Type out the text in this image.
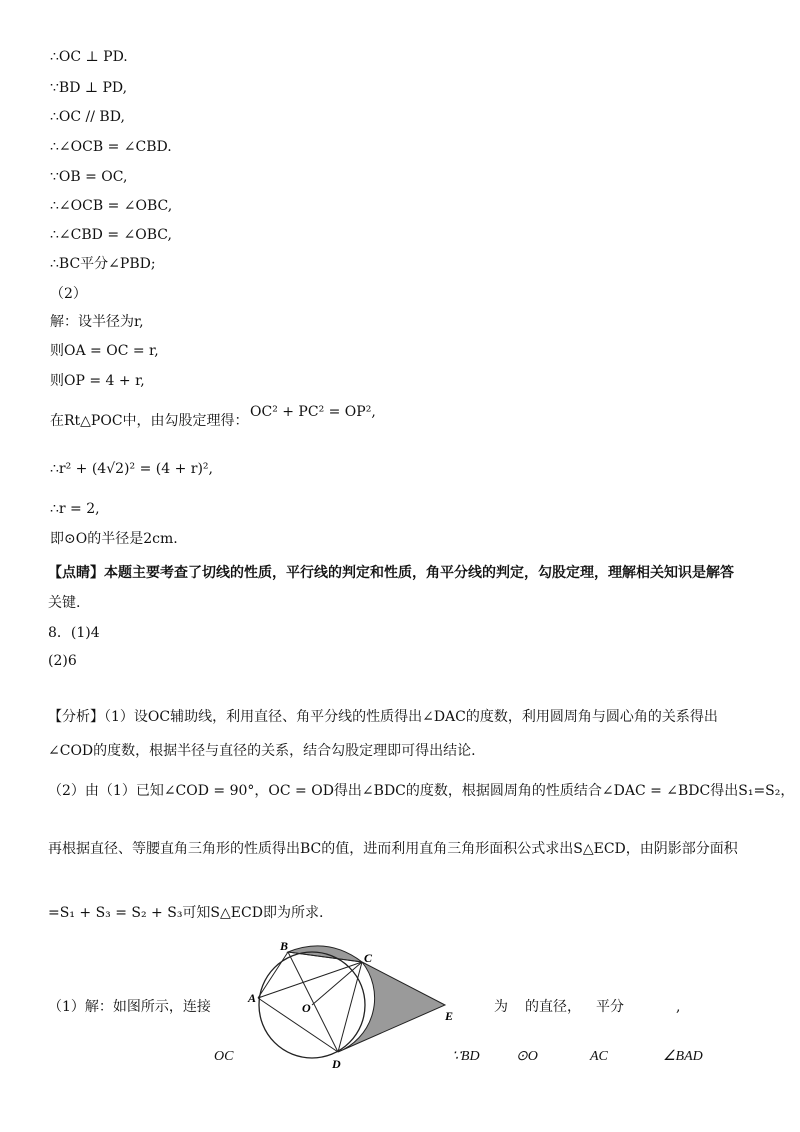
∴OC ⊥ PD.
∵BD ⊥ PD,
∴OC // BD,
∴∠OCB = ∠CBD.
∵OB = OC,
∴∠OCB = ∠OBC,
∴∠CBD = ∠OBC,
∴BC平分∠PBD;
（2）
解：设半径为r,
则OA = OC = r,
则OP = 4 + r,
在Rt△POC中，由勾股定理得：
OC² + PC² = OP²,
∴r² + (4√2)² = (4 + r)²,
∴r = 2,
即⊙O的半径是2cm.
【点睛】本题主要考查了切线的性质，平行线的判定和性质，角平分线的判定，勾股定理，理解相关知识是解答
关键.
8．(1)4
(2)6
【分析】（1）设OC辅助线，利用直径、角平分线的性质得出∠DAC的度数，利用圆周角与圆心角的关系得出
∠COD的度数，根据半径与直径的关系，结合勾股定理即可得出结论.
（2）由（1）已知∠COD = 90°，OC = OD得出∠BDC的度数，根据圆周角的性质结合∠DAC = ∠BDC得出S₁=S₂，
再根据直径、等腰直角三角形的性质得出BC的值，进而利用直角三角形面积公式求出S△ECD，由阴影部分面积
=S₁ + S₃ = S₂ + S₃可知S△ECD即为所求.
（1）解：如图所示，连接	为 的直径， 平分	,
OC	∵BD	⊙O	AC	∠BAD
B
C
A
O
E
D
